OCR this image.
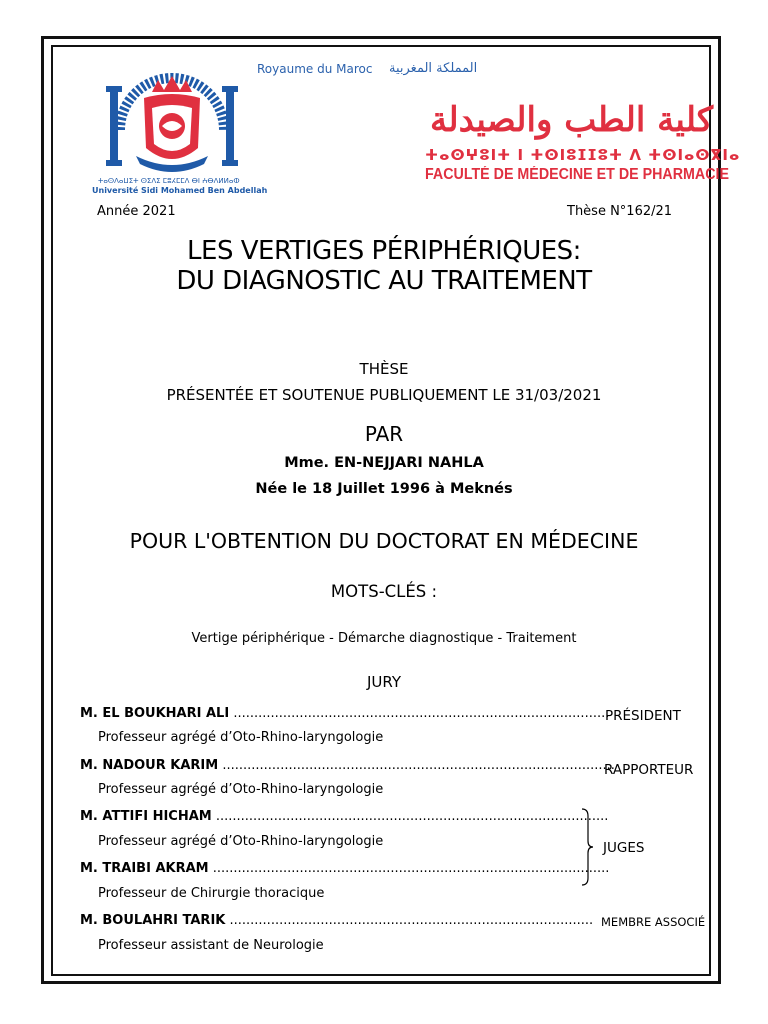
ⵜⴰⵙⴷⴰⵡⵉⵜ ⵙⵉⴷⵉ ⵎⵓⵃⵎⵎⴷ ⴱⵏ ⵄⴱⴷⵍⵍⴰⵀ
Université Sidi Mohamed Ben Abdellah
Royaume du Maroc المملكة المغربية
كلية الطب والصيدلة
ⵜⴰⵙⵖⵓⵏⵜ ⵏ ⵜⵙⵏⵓⵊⵊⵓⵜ ⴷ ⵜⵙⵏⴰⵙⴳⵏⴰ
FACULTÉ DE MÉDECINE ET DE PHARMACIE
Année 2021	Thèse N°162/21
LES VERTIGES PÉRIPHÉRIQUES:
DU DIAGNOSTIC AU TRAITEMENT
THÈSE
PRÉSENTÉE ET SOUTENUE PUBLIQUEMENT LE 31/03/2021
PAR
Mme. EN-NEJJARI NAHLA
Née le 18 Juillet 1996 à Meknés
POUR L'OBTENTION DU DOCTORAT EN MÉDECINE
MOTS-CLÉS :
Vertige périphérique - Démarche diagnostique - Traitement
JURY
M. EL BOUKHARI ALI ...........................................................................................
Professeur agrégé d’Oto-Rhino-laryngologie
PRÉSIDENT
M. NADOUR KARIM ...............................................................................................
Professeur agrégé d’Oto-Rhino-laryngologie
RAPPORTEUR
M. ATTIFI HICHAM ...............................................................................................
Professeur agrégé d’Oto-Rhino-laryngologie	JUGES
M. TRAIBI AKRAM ................................................................................................
Professeur de Chirurgie thoracique
M. BOULAHRI TARIK ........................................................................................
Professeur assistant de Neurologie
MEMBRE ASSOCIÉ
